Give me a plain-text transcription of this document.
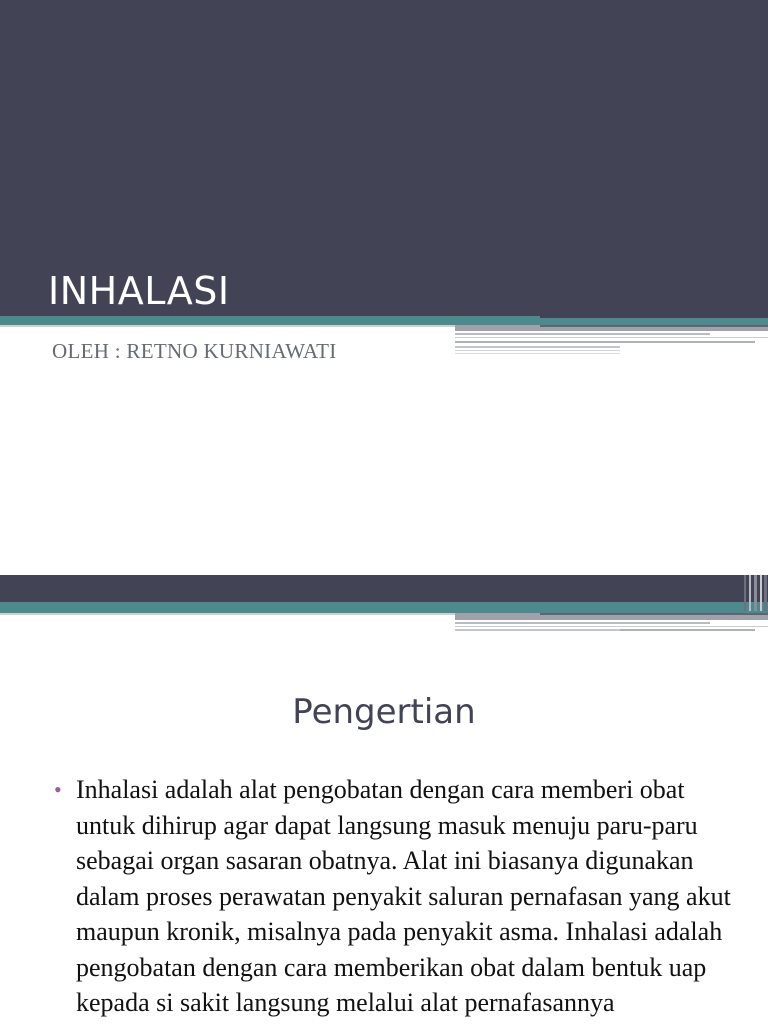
INHALASI
OLEH : RETNO KURNIAWATI
Pengertian
• Inhalasi adalah alat pengobatan dengan cara memberi obat untuk dihirup agar dapat langsung masuk menuju paru-paru sebagai organ sasaran obatnya. Alat ini biasanya digunakan dalam proses perawatan penyakit saluran pernafasan yang akut maupun kronik, misalnya pada penyakit asma. Inhalasi adalah pengobatan dengan cara memberikan obat dalam bentuk uap kepada si sakit langsung melalui alat pernafasannya
